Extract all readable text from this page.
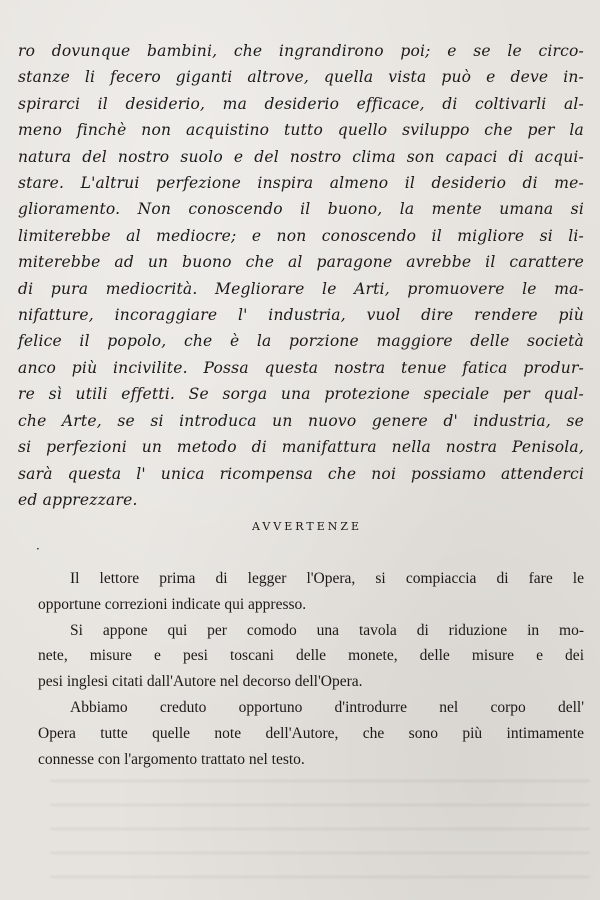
ro dovunque bambini, che ingrandirono poi; e se le circo-
stanze li fecero giganti altrove, quella vista può e deve in-
spirarci il desiderio, ma desiderio efficace, di coltivarli al-
meno finchè non acquistino tutto quello sviluppo che per la
natura del nostro suolo e del nostro clima son capaci di acqui-
stare. L'altrui perfezione inspira almeno il desiderio di me-
glioramento. Non conoscendo il buono, la mente umana si
limiterebbe al mediocre; e non conoscendo il migliore si li-
miterebbe ad un buono che al paragone avrebbe il carattere
di pura mediocrità. Megliorare le Arti, promuovere le ma-
nifatture, incoraggiare l' industria, vuol dire rendere più
felice il popolo, che è la porzione maggiore delle società
anco più incivilite. Possa questa nostra tenue fatica produr-
re sì utili effetti. Se sorga una protezione speciale per qual-
che Arte, se si introduca un nuovo genere d' industria, se
si perfezioni un metodo di manifattura nella nostra Penisola,
sarà questa l' unica ricompensa che noi possiamo attenderci
ed apprezzare.
AVVERTENZE
·
Il lettore prima di legger l'Opera, si compiaccia di fare le
opportune correzioni indicate qui appresso.
Si appone qui per comodo una tavola di riduzione in mo-
nete, misure e pesi toscani delle monete, delle misure e dei
pesi inglesi citati dall'Autore nel decorso dell'Opera.
Abbiamo creduto opportuno d'introdurre nel corpo dell'
Opera tutte quelle note dell'Autore, che sono più intimamente
connesse con l'argomento trattato nel testo.
